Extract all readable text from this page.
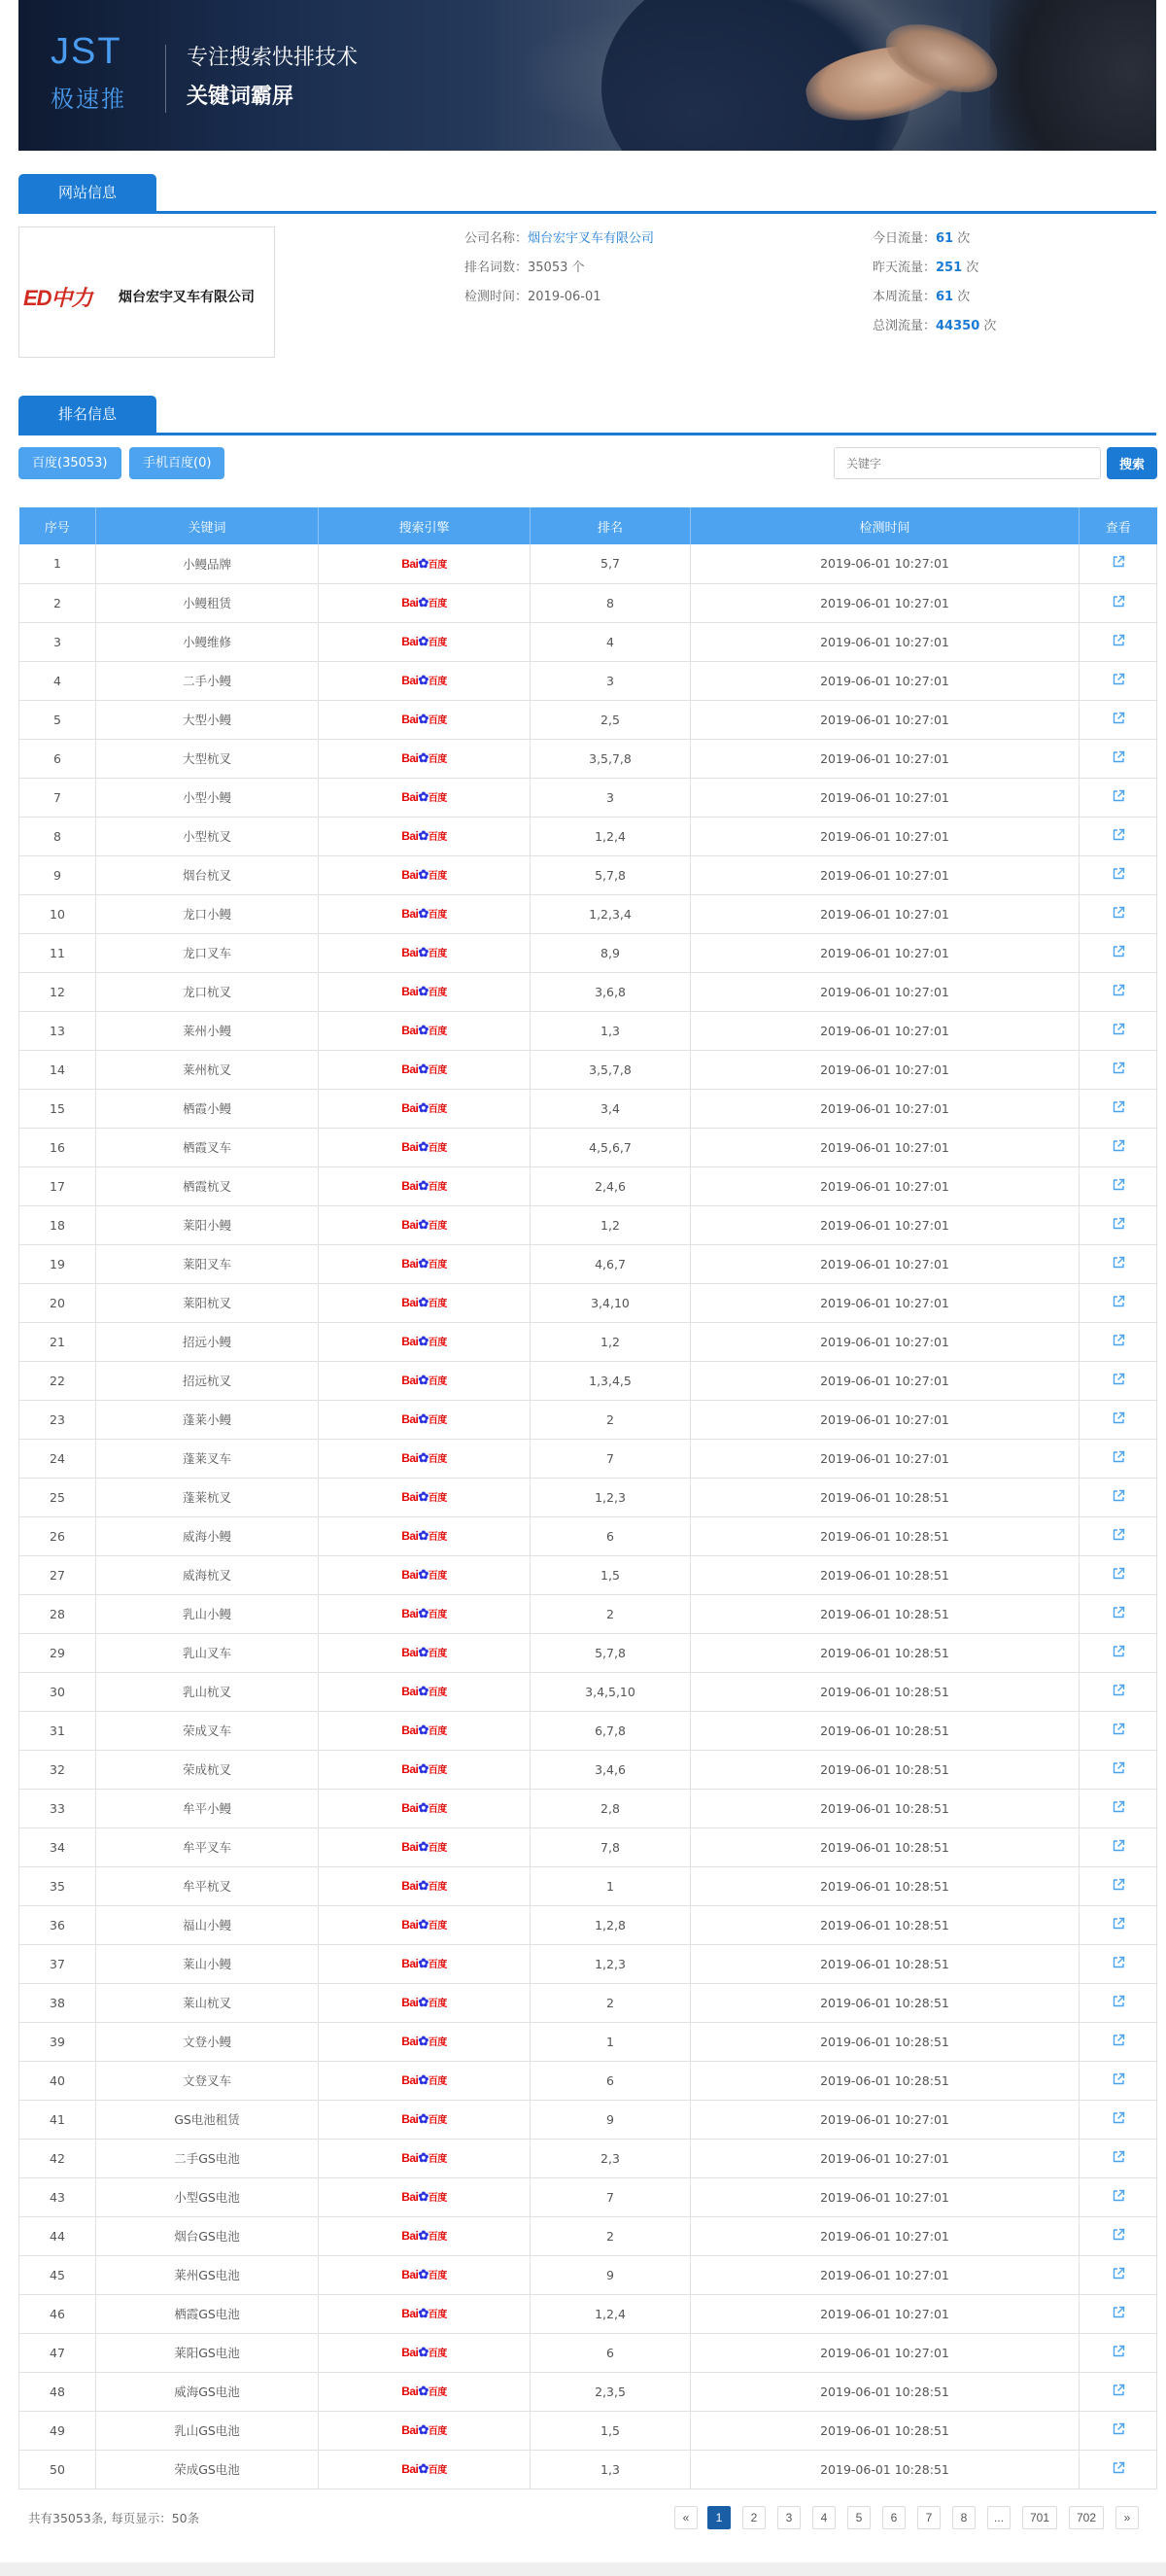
JST
极速推
专注搜索快排技术
关键词霸屏
网站信息
ED中力 烟台宏宇叉车有限公司
公司名称：烟台宏宇叉车有限公司
排名词数：35053 个
检测时间：2019-06-01
今日流量：61 次
昨天流量：251 次
本周流量：61 次
总浏流量：44350 次
排名信息
百度(35053)	手机百度(0)
关键字	搜索
序号	关键词	搜索引擎	排名	检测时间	查看
1	小鳗品牌	Bai✿百度	5,7	2019-06-01 10:27:01	
2	小鳗租赁	Bai✿百度	8	2019-06-01 10:27:01	
3	小鳗维修	Bai✿百度	4	2019-06-01 10:27:01	
4	二手小鳗	Bai✿百度	3	2019-06-01 10:27:01	
5	大型小鳗	Bai✿百度	2,5	2019-06-01 10:27:01	
6	大型杭叉	Bai✿百度	3,5,7,8	2019-06-01 10:27:01	
7	小型小鳗	Bai✿百度	3	2019-06-01 10:27:01	
8	小型杭叉	Bai✿百度	1,2,4	2019-06-01 10:27:01	
9	烟台杭叉	Bai✿百度	5,7,8	2019-06-01 10:27:01	
10	龙口小鳗	Bai✿百度	1,2,3,4	2019-06-01 10:27:01	
11	龙口叉车	Bai✿百度	8,9	2019-06-01 10:27:01	
12	龙口杭叉	Bai✿百度	3,6,8	2019-06-01 10:27:01	
13	莱州小鳗	Bai✿百度	1,3	2019-06-01 10:27:01	
14	莱州杭叉	Bai✿百度	3,5,7,8	2019-06-01 10:27:01	
15	栖霞小鳗	Bai✿百度	3,4	2019-06-01 10:27:01	
16	栖霞叉车	Bai✿百度	4,5,6,7	2019-06-01 10:27:01	
17	栖霞杭叉	Bai✿百度	2,4,6	2019-06-01 10:27:01	
18	莱阳小鳗	Bai✿百度	1,2	2019-06-01 10:27:01	
19	莱阳叉车	Bai✿百度	4,6,7	2019-06-01 10:27:01	
20	莱阳杭叉	Bai✿百度	3,4,10	2019-06-01 10:27:01	
21	招远小鳗	Bai✿百度	1,2	2019-06-01 10:27:01	
22	招远杭叉	Bai✿百度	1,3,4,5	2019-06-01 10:27:01	
23	蓬莱小鳗	Bai✿百度	2	2019-06-01 10:27:01	
24	蓬莱叉车	Bai✿百度	7	2019-06-01 10:27:01	
25	蓬莱杭叉	Bai✿百度	1,2,3	2019-06-01 10:28:51	
26	威海小鳗	Bai✿百度	6	2019-06-01 10:28:51	
27	威海杭叉	Bai✿百度	1,5	2019-06-01 10:28:51	
28	乳山小鳗	Bai✿百度	2	2019-06-01 10:28:51	
29	乳山叉车	Bai✿百度	5,7,8	2019-06-01 10:28:51	
30	乳山杭叉	Bai✿百度	3,4,5,10	2019-06-01 10:28:51	
31	荣成叉车	Bai✿百度	6,7,8	2019-06-01 10:28:51	
32	荣成杭叉	Bai✿百度	3,4,6	2019-06-01 10:28:51	
33	牟平小鳗	Bai✿百度	2,8	2019-06-01 10:28:51	
34	牟平叉车	Bai✿百度	7,8	2019-06-01 10:28:51	
35	牟平杭叉	Bai✿百度	1	2019-06-01 10:28:51	
36	福山小鳗	Bai✿百度	1,2,8	2019-06-01 10:28:51	
37	莱山小鳗	Bai✿百度	1,2,3	2019-06-01 10:28:51	
38	莱山杭叉	Bai✿百度	2	2019-06-01 10:28:51	
39	文登小鳗	Bai✿百度	1	2019-06-01 10:28:51	
40	文登叉车	Bai✿百度	6	2019-06-01 10:28:51	
41	GS电池租赁	Bai✿百度	9	2019-06-01 10:27:01	
42	二手GS电池	Bai✿百度	2,3	2019-06-01 10:27:01	
43	小型GS电池	Bai✿百度	7	2019-06-01 10:27:01	
44	烟台GS电池	Bai✿百度	2	2019-06-01 10:27:01	
45	莱州GS电池	Bai✿百度	9	2019-06-01 10:27:01	
46	栖霞GS电池	Bai✿百度	1,2,4	2019-06-01 10:27:01	
47	莱阳GS电池	Bai✿百度	6	2019-06-01 10:27:01	
48	威海GS电池	Bai✿百度	2,3,5	2019-06-01 10:28:51	
49	乳山GS电池	Bai✿百度	1,5	2019-06-01 10:28:51	
50	荣成GS电池	Bai✿百度	1,3	2019-06-01 10:28:51	
共有35053条, 每页显示：50条	«	1	2	3	4	5	6	7	8	...	701	702	»
